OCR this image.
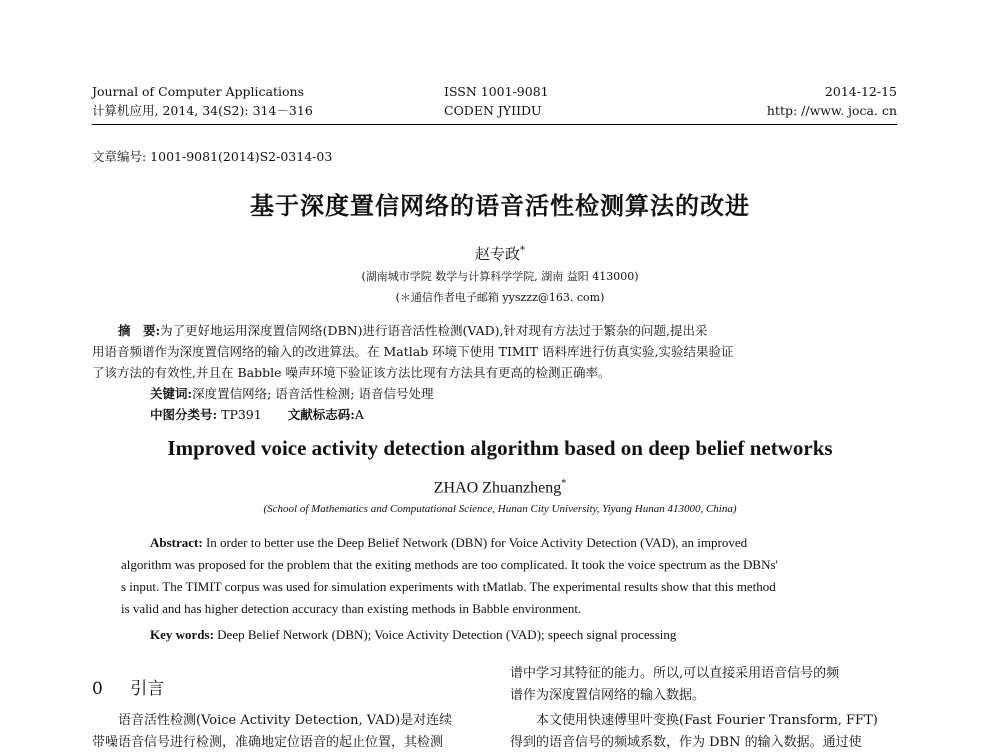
Journal of Computer Applications
计算机应用, 2014, 34(S2): 314－316
ISSN 1001-9081
CODEN JYIIDU
2014-12-15
http: //www. joca. cn
文章编号: 1001-9081(2014)S2-0314-03
基于深度置信网络的语音活性检测算法的改进
赵专政*
(湖南城市学院 数学与计算科学学院, 湖南 益阳 413000)
(＊通信作者电子邮箱 yyszzz@163. com)
摘　要:为了更好地运用深度置信网络(DBN)进行语音活性检测(VAD),针对现有方法过于繁杂的问题,提出采
用语音频谱作为深度置信网络的输入的改进算法。在 Matlab 环境下使用 TIMIT 语料库进行仿真实验,实验结果验证
了该方法的有效性,并且在 Babble 噪声环境下验证该方法比现有方法具有更高的检测正确率。
关键词:深度置信网络; 语音活性检测; 语音信号处理
中图分类号: TP391 文献标志码:A
Improved voice activity detection algorithm based on deep belief networks
ZHAO Zhuanzheng*
(School of Mathematics and Computational Science, Hunan City University, Yiyang Hunan 413000, China)
Abstract: In order to better use the Deep Belief Network (DBN) for Voice Activity Detection (VAD), an improved
algorithm was proposed for the problem that the exiting methods are too complicated. It took the voice spectrum as the DBNs'
s input. The TIMIT corpus was used for simulation experiments with tMatlab. The experimental results show that this method
is valid and has higher detection accuracy than existing methods in Babble environment.
Key words: Deep Belief Network (DBN); Voice Activity Detection (VAD); speech signal processing
0 引言
语音活性检测(Voice Activity Detection, VAD)是对连续
带噪语音信号进行检测，准确地定位语音的起止位置，其检测
谱中学习其特征的能力。所以,可以直接采用语音信号的频
谱作为深度置信网络的输入数据。
本文使用快速傅里叶变换(Fast Fourier Transform, FFT)
得到的语音信号的频域系数，作为 DBN 的输入数据。通过使
